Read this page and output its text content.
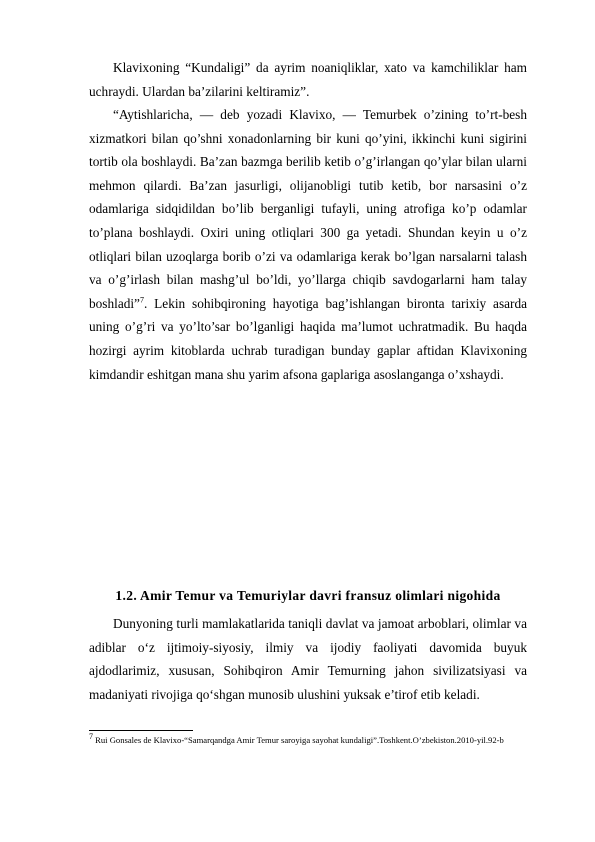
Klavixoning “Kundaligi” da ayrim noaniqliklar, xato va kamchiliklar ham uchraydi. Ulardan ba’zilarini keltiramiz”.

“Aytishlaricha, — deb yozadi Klavixo, — Temurbek o’zining to’rt-besh xizmatkori bilan qo’shni xonadonlarning bir kuni qo’yini, ikkinchi kuni sigirini tortib ola boshlaydi. Ba’zan bazmga berilib ketib o’g’irlangan qo’ylar bilan ularni mehmon qilardi. Ba’zan jasurligi, olijanobligi tutib ketib, bor narsasini o’z odamlariga sidqidildan bo’lib berganligi tufayli, uning atrofiga ko’p odamlar to’plana boshlaydi. Oxiri uning otliqlari 300 ga yetadi. Shundan keyin u o’z otliqlari bilan uzoqlarga borib o’zi va odamlariga kerak bo’lgan narsalarni talash va o’g’irlash bilan mashg’ul bo’ldi, yo’llarga chiqib savdogarlarni ham talay boshladi”$^7$. Lekin sohibqironing hayotiga bag’ishlangan bironta tarixiy asarda uning o’g’ri va yo’lto’sar bo’lganligi haqida ma’lumot uchratmadik. Bu haqda hozirgi ayrim kitoblarda uchrab turadigan bunday gaplar aftidan Klavixoning kimdandir eshitgan mana shu yarim afsona gaplariga asoslanganga o’xshaydi.

1.2. Amir Temur va Temuriylar davri fransuz olimlari nigohida

Dunyoning turli mamlakatlarida taniqli davlat va jamoat arboblari, olimlar va adiblar o‘z ijtimoiy-siyosiy, ilmiy va ijodiy faoliyati davomida buyuk ajdodlarimiz, xususan, Sohibqiron Amir Temurning jahon sivilizatsiyasi va madaniyati rivojiga qo‘shgan munosib ulushini yuksak e’tirof etib keladi.

$^7$ Rui Gonsales de Klavixo-“Samarqandga Amir Temur saroyiga sayohat kundaligi”.Toshkent.O’zbekiston.2010-yil.92-b
